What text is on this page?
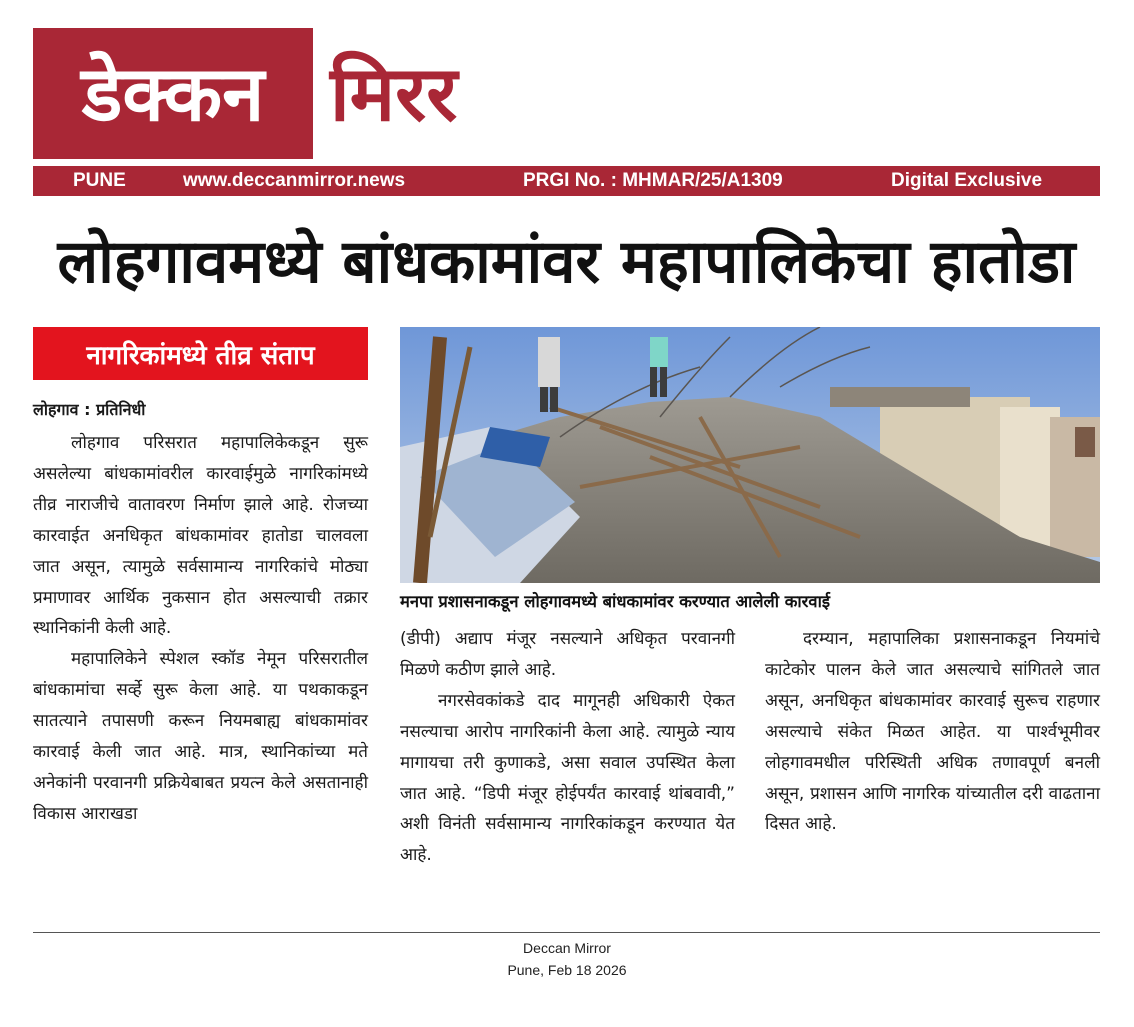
डेक्कन मिरर
PUNE	www.deccanmirror.news	PRGI No. : MHMAR/25/A1309	Digital Exclusive
लोहगावमध्ये बांधकामांवर महापालिकेचा हातोडा
नागरिकांमध्ये तीव्र संताप
मनपा प्रशासनाकडून लोहगावमध्ये बांधकामांवर करण्यात आलेली कारवाई
लोहगाव : प्रतिनिधी

लोहगाव परिसरात महापालिकेकडून सुरू असलेल्या बांधकामांवरील कारवाईमुळे नागरिकांमध्ये तीव्र नाराजीचे वातावरण निर्माण झाले आहे. रोजच्या कारवाईत अनधिकृत बांधकामांवर हातोडा चालवला जात असून, त्यामुळे सर्वसामान्य नागरिकांचे मोठ्या प्रमाणावर आर्थिक नुकसान होत असल्याची तक्रार स्थानिकांनी केली आहे.

महापालिकेने स्पेशल स्कॉड नेमून परिसरातील बांधकामांचा सर्व्हे सुरू केला आहे. या पथकाकडून सातत्याने तपासणी करून नियमबाह्य बांधकामांवर कारवाई केली जात आहे. मात्र, स्थानिकांच्या मते अनेकांनी परवानगी प्रक्रियेबाबत प्रयत्न केले असतानाही विकास आराखडा

(डीपी) अद्याप मंजूर नसल्याने अधिकृत परवानगी मिळणे कठीण झाले आहे.

नगरसेवकांकडे दाद मागूनही अधिकारी ऐकत नसल्याचा आरोप नागरिकांनी केला आहे. त्यामुळे न्याय मागायचा तरी कुणाकडे, असा सवाल उपस्थित केला जात आहे. “डिपी मंजूर होईपर्यंत कारवाई थांबवावी,” अशी विनंती सर्वसामान्य नागरिकांकडून करण्यात येत आहे.

दरम्यान, महापालिका प्रशासनाकडून नियमांचे काटेकोर पालन केले जात असल्याचे सांगितले जात असून, अनधिकृत बांधकामांवर कारवाई सुरूच राहणार असल्याचे संकेत मिळत आहेत. या पार्श्वभूमीवर लोहगावमधील परिस्थिती अधिक तणावपूर्ण बनली असून, प्रशासन आणि नागरिक यांच्यातील दरी वाढताना दिसत आहे.

Deccan Mirror
Pune, Feb 18 2026
